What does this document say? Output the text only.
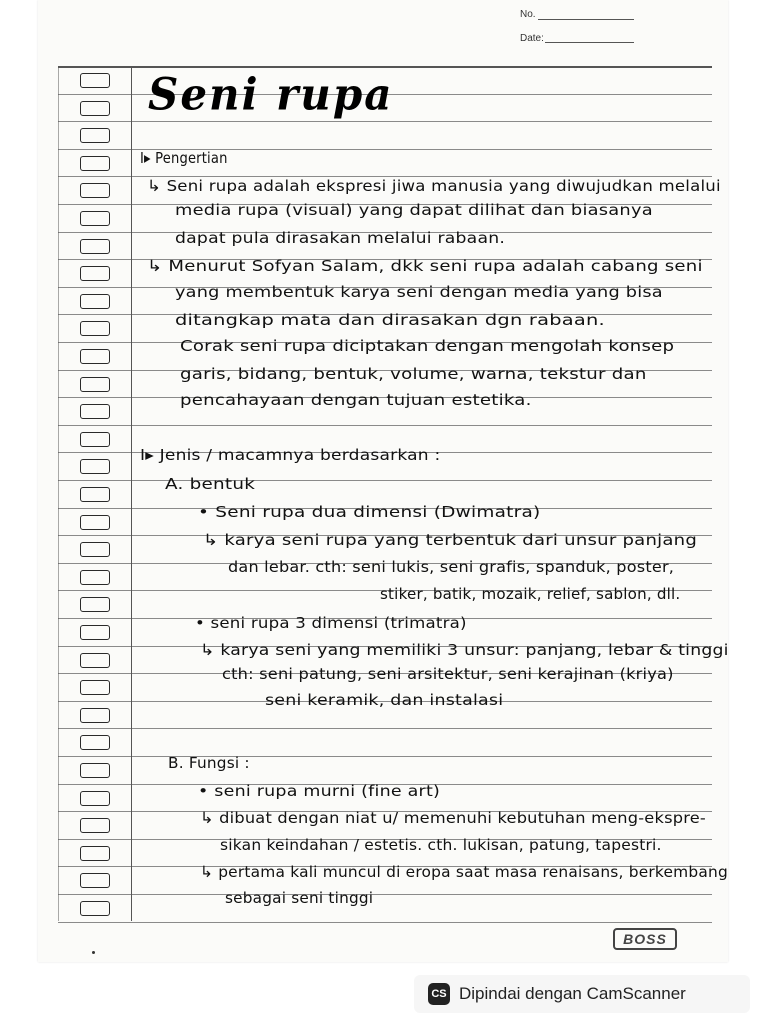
No.
Date:
Seni rupa
I▸ Pengertian
↳ Seni rupa adalah ekspresi jiwa manusia yang diwujudkan melalui
media rupa (visual) yang dapat dilihat dan biasanya
dapat pula dirasakan melalui rabaan.
↳ Menurut Sofyan Salam, dkk seni rupa adalah cabang seni
yang membentuk karya seni dengan media yang bisa
ditangkap mata dan dirasakan dgn rabaan.
Corak seni rupa diciptakan dengan mengolah konsep
garis, bidang, bentuk, volume, warna, tekstur dan
pencahayaan dengan tujuan estetika.
I▸ Jenis / macamnya berdasarkan :
A. bentuk
• Seni rupa dua dimensi (Dwimatra)
↳ karya seni rupa yang terbentuk dari unsur panjang
dan lebar. cth: seni lukis, seni grafis, spanduk, poster,
stiker, batik, mozaik, relief, sablon, dll.
• seni rupa 3 dimensi (trimatra)
↳ karya seni yang memiliki 3 unsur: panjang, lebar & tinggi
cth: seni patung, seni arsitektur, seni kerajinan (kriya)
seni keramik, dan instalasi
B. Fungsi :
• seni rupa murni (fine art)
↳ dibuat dengan niat u/ memenuhi kebutuhan meng-ekspre-
sikan keindahan / estetis. cth. lukisan, patung, tapestri.
↳ pertama kali muncul di eropa saat masa renaisans, berkembang
sebagai seni tinggi
BOSS
CS Dipindai dengan CamScanner
